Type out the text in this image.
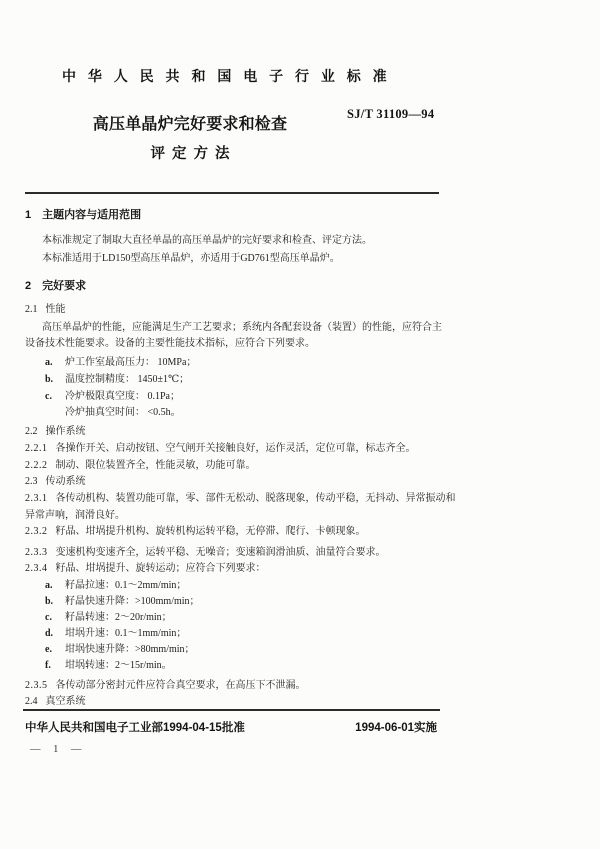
中 华 人 民 共 和 国 电 子 行 业 标 准
高压单晶炉完好要求和检查
评定方法
SJ/T 31109—94
1 主题内容与适用范围
本标准规定了制取大直径单晶的高压单晶炉的完好要求和检查、评定方法。
本标准适用于LD150型高压单晶炉，亦适用于GD761型高压单晶炉。
2 完好要求
2.1 性能
高压单晶炉的性能，应能满足生产工艺要求；系统内各配套设备（装置）的性能，应符合主
设备技术性能要求。设备的主要性能技术指标，应符合下列要求。
a. 炉工作室最高压力： 10MPa；
b. 温度控制精度： 1450±1℃；
c. 冷炉极限真空度： 0.1Pa；
冷炉抽真空时间： <0.5h。
2.2 操作系统
2.2.1 各操作开关、启动按钮、空气闸开关接触良好，运作灵活，定位可靠，标志齐全。
2.2.2 制动、限位装置齐全，性能灵敏，功能可靠。
2.3 传动系统
2.3.1 各传动机构、装置功能可靠，零、部件无松动、脱落现象，传动平稳，无抖动、异常振动和
异常声响，润滑良好。
2.3.2 籽晶、坩埚提升机构、旋转机构运转平稳，无停滞、爬行、卡顿现象。
2.3.3 变速机构变速齐全，运转平稳、无噪音；变速箱润滑油质、油量符合要求。
2.3.4 籽晶、坩埚提升、旋转运动；应符合下列要求：
a. 籽晶拉速：0.1～2mm/min；
b. 籽晶快速升降：>100mm/min；
c. 籽晶转速：2～20r/min；
d. 坩埚升速：0.1～1mm/min；
e. 坩埚快速升降：>80mm/min；
f. 坩埚转速：2～15r/min。
2.3.5 各传动部分密封元件应符合真空要求，在高压下不泄漏。
2.4 真空系统
中华人民共和国电子工业部1994-04-15批准	1994-06-01实施
— 1 —
